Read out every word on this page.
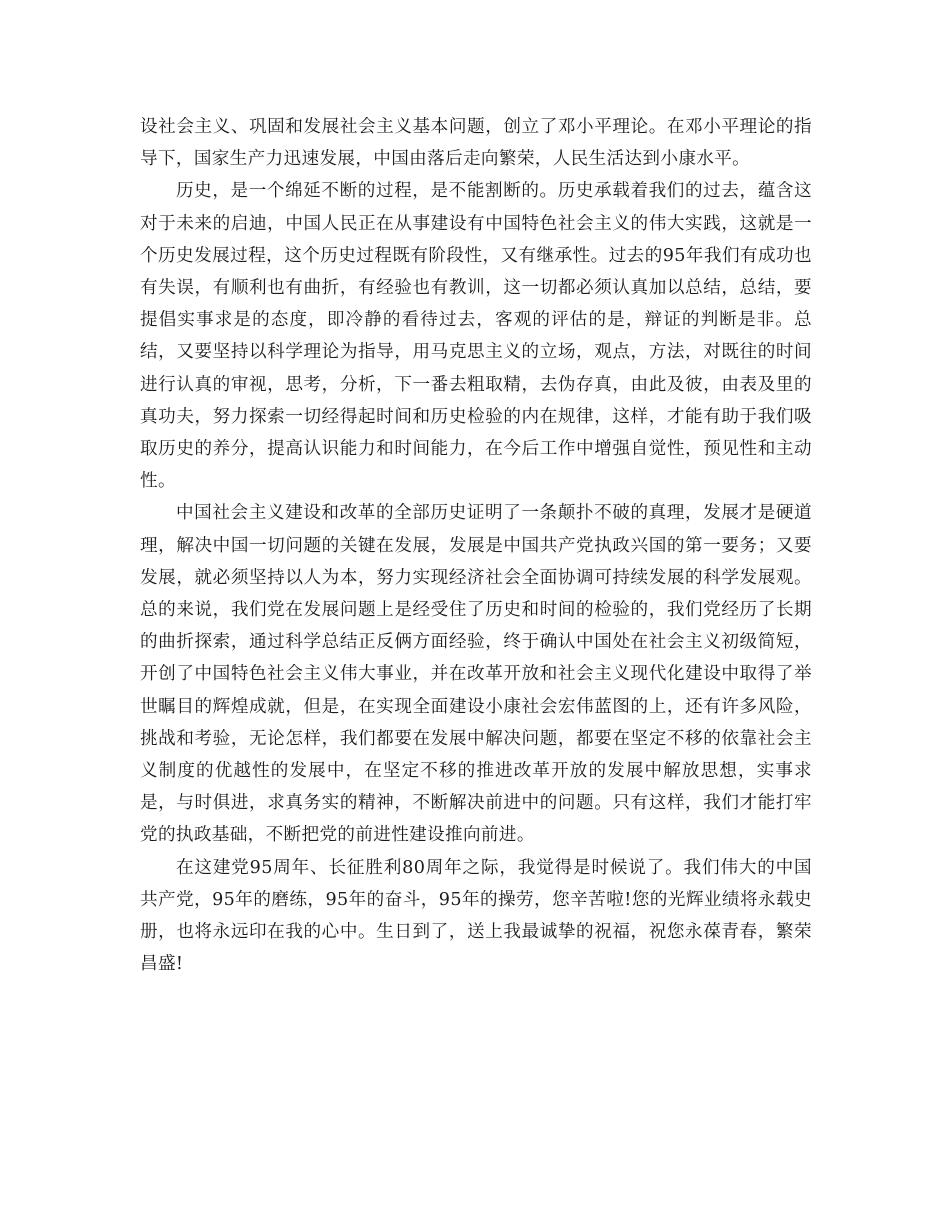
设社会主义、巩固和发展社会主义基本问题，创立了邓小平理论。在邓小平理论的指导下，国家生产力迅速发展，中国由落后走向繁荣，人民生活达到小康水平。

历史，是一个绵延不断的过程，是不能割断的。历史承载着我们的过去，蕴含这对于未来的启迪，中国人民正在从事建设有中国特色社会主义的伟大实践，这就是一个历史发展过程，这个历史过程既有阶段性，又有继承性。过去的95年我们有成功也有失误，有顺利也有曲折，有经验也有教训，这一切都必须认真加以总结，总结，要提倡实事求是的态度，即冷静的看待过去，客观的评估的是，辩证的判断是非。总结，又要坚持以科学理论为指导，用马克思主义的立场，观点，方法，对既往的时间进行认真的审视，思考，分析，下一番去粗取精，去伪存真，由此及彼，由表及里的真功夫，努力探索一切经得起时间和历史检验的内在规律，这样，才能有助于我们吸取历史的养分，提高认识能力和时间能力，在今后工作中增强自觉性，预见性和主动性。

中国社会主义建设和改革的全部历史证明了一条颠扑不破的真理，发展才是硬道理，解决中国一切问题的关键在发展，发展是中国共产党执政兴国的第一要务；又要发展，就必须坚持以人为本，努力实现经济社会全面协调可持续发展的科学发展观。总的来说，我们党在发展问题上是经受住了历史和时间的检验的，我们党经历了长期的曲折探索，通过科学总结正反俩方面经验，终于确认中国处在社会主义初级简短，开创了中国特色社会主义伟大事业，并在改革开放和社会主义现代化建设中取得了举世瞩目的辉煌成就，但是，在实现全面建设小康社会宏伟蓝图的上，还有许多风险，挑战和考验，无论怎样，我们都要在发展中解决问题，都要在坚定不移的依靠社会主义制度的优越性的发展中，在坚定不移的推进改革开放的发展中解放思想，实事求是，与时俱进，求真务实的精神，不断解决前进中的问题。只有这样，我们才能打牢党的执政基础，不断把党的前进性建设推向前进。

在这建党95周年、长征胜利80周年之际，我觉得是时候说了。我们伟大的中国共产党，95年的磨练，95年的奋斗，95年的操劳，您辛苦啦!您的光辉业绩将永载史册，也将永远印在我的心中。生日到了，送上我最诚挚的祝福，祝您永葆青春，繁荣昌盛!
